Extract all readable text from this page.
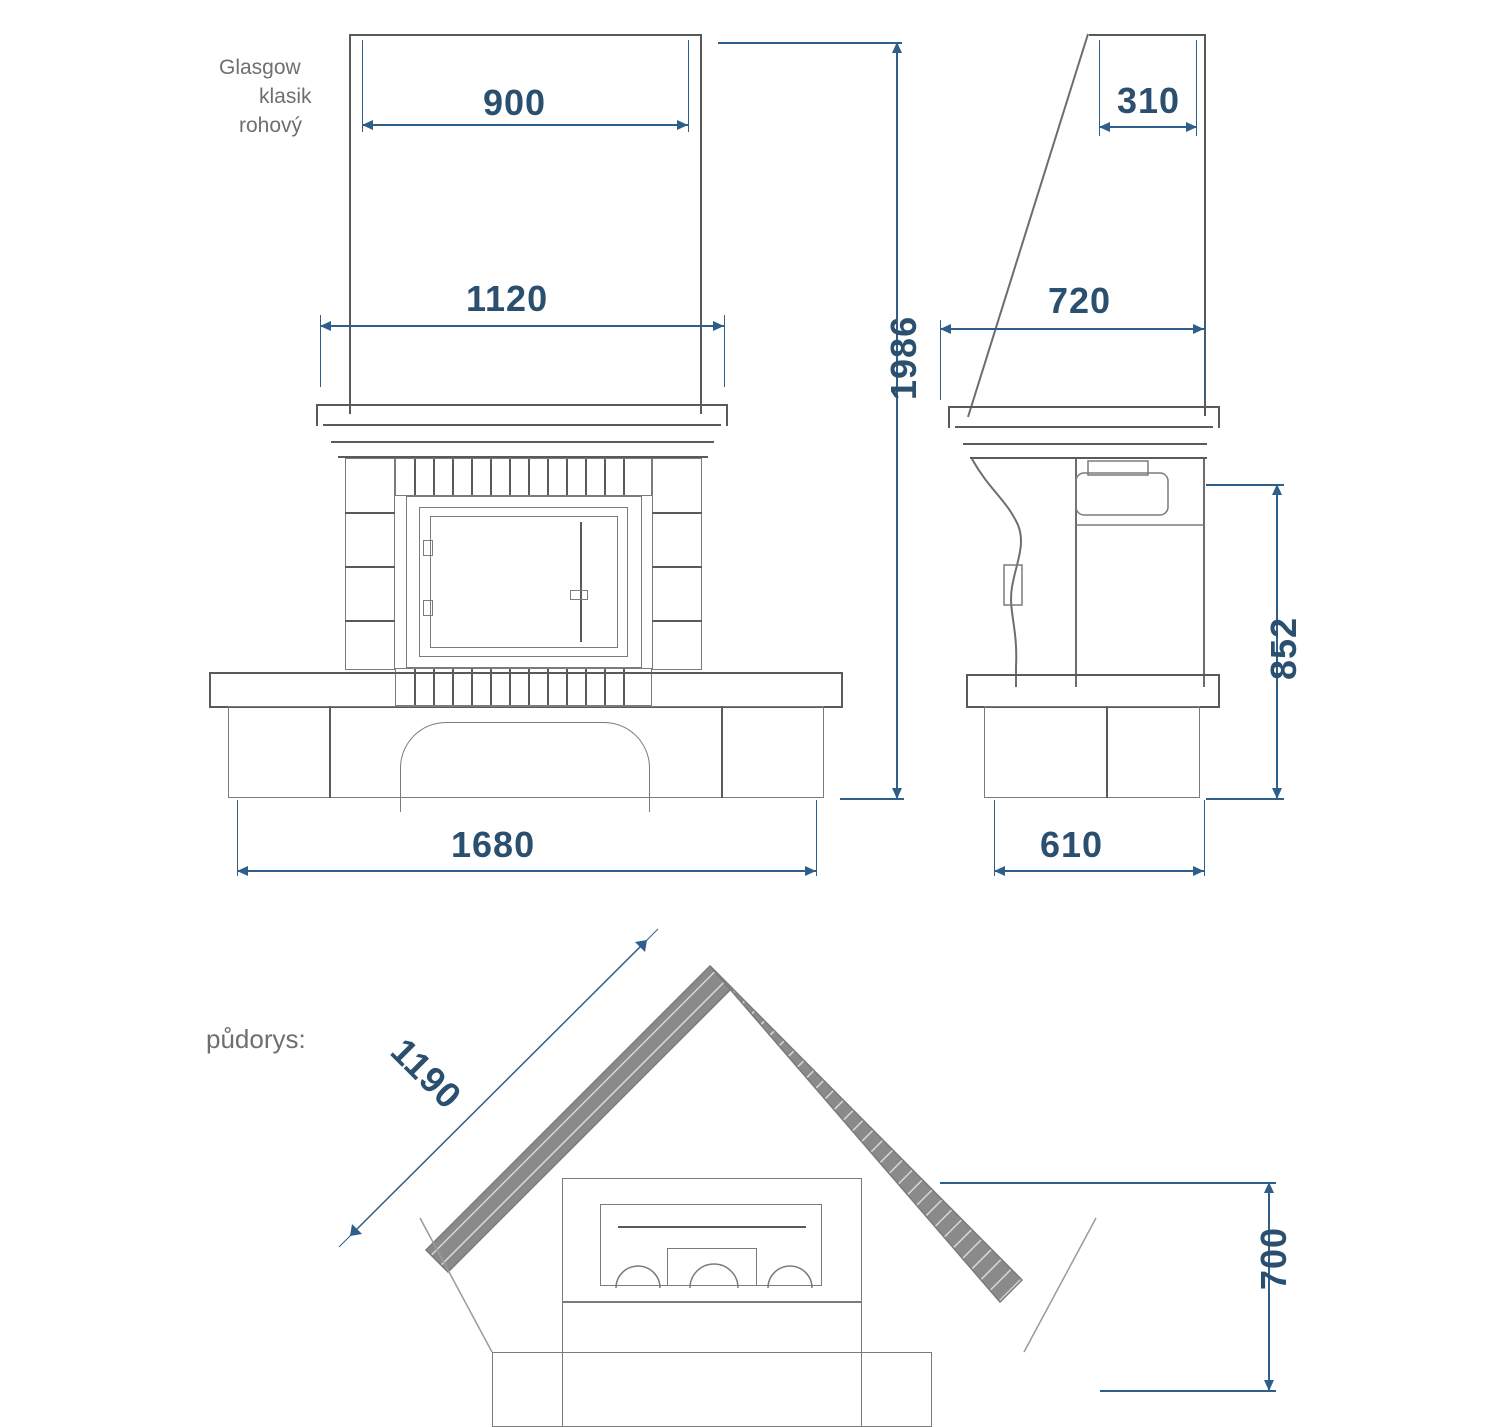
Glasgow
klasik
rohový
900
1120
1680
1986
310
720
852
610
půdorys: 1190
700
